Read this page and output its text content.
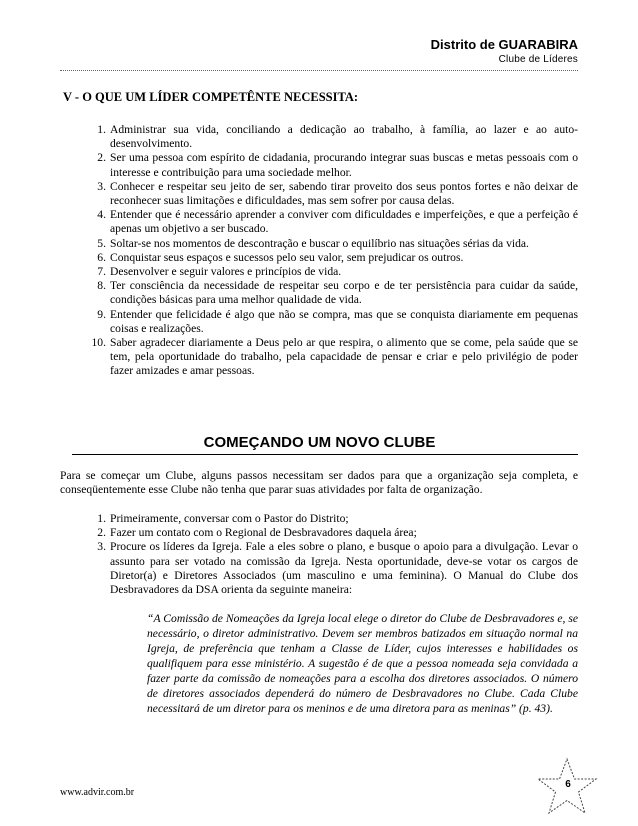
Distrito de GUARABIRA
Clube de Líderes
V - O QUE UM LÍDER COMPETÊNTE NECESSITA:
1. Administrar sua vida, conciliando a dedicação ao trabalho, à família, ao lazer e ao auto-desenvolvimento.
2. Ser uma pessoa com espírito de cidadania, procurando integrar suas buscas e metas pessoais com o interesse e contribuição para uma sociedade melhor.
3. Conhecer e respeitar seu jeito de ser, sabendo tirar proveito dos seus pontos fortes e não deixar de reconhecer suas limitações e dificuldades, mas sem sofrer por causa delas.
4. Entender que é necessário aprender a conviver com dificuldades e imperfeições, e que a perfeição é apenas um objetivo a ser buscado.
5. Soltar-se nos momentos de descontração e buscar o equilíbrio nas situações sérias da vida.
6. Conquistar seus espaços e sucessos pelo seu valor, sem prejudicar os outros.
7. Desenvolver e seguir valores e princípios de vida.
8. Ter consciência da necessidade de respeitar seu corpo e de ter persistência para cuidar da saúde, condições básicas para uma melhor qualidade de vida.
9. Entender que felicidade é algo que não se compra, mas que se conquista diariamente em pequenas coisas e realizações.
10. Saber agradecer diariamente a Deus pelo ar que respira, o alimento que se come, pela saúde que se tem, pela oportunidade do trabalho, pela capacidade de pensar e criar e pelo privilégio de poder fazer amizades e amar pessoas.
COMEÇANDO UM NOVO CLUBE
Para se começar um Clube, alguns passos necessitam ser dados para que a organização seja completa, e conseqüentemente esse Clube não tenha que parar suas atividades por falta de organização.
1. Primeiramente, conversar com o Pastor do Distrito;
2. Fazer um contato com o Regional de Desbravadores daquela área;
3. Procure os líderes da Igreja. Fale a eles sobre o plano, e busque o apoio para a divulgação. Levar o assunto para ser votado na comissão da Igreja. Nesta oportunidade, deve-se votar os cargos de Diretor(a) e Diretores Associados (um masculino e uma feminina). O Manual do Clube dos Desbravadores da DSA orienta da seguinte maneira:
“A Comissão de Nomeações da Igreja local elege o diretor do Clube de Desbravadores e, se necessário, o diretor administrativo. Devem ser membros batizados em situação normal na Igreja, de preferência que tenham a Classe de Líder, cujos interesses e habilidades os qualifiquem para esse ministério. A sugestão é de que a pessoa nomeada seja convidada a fazer parte da comissão de nomeações para a escolha dos diretores associados. O número de diretores associados dependerá do número de Desbravadores no Clube. Cada Clube necessitará de um diretor para os meninos e de uma diretora para as meninas” (p. 43).
www.advir.com.br
6
